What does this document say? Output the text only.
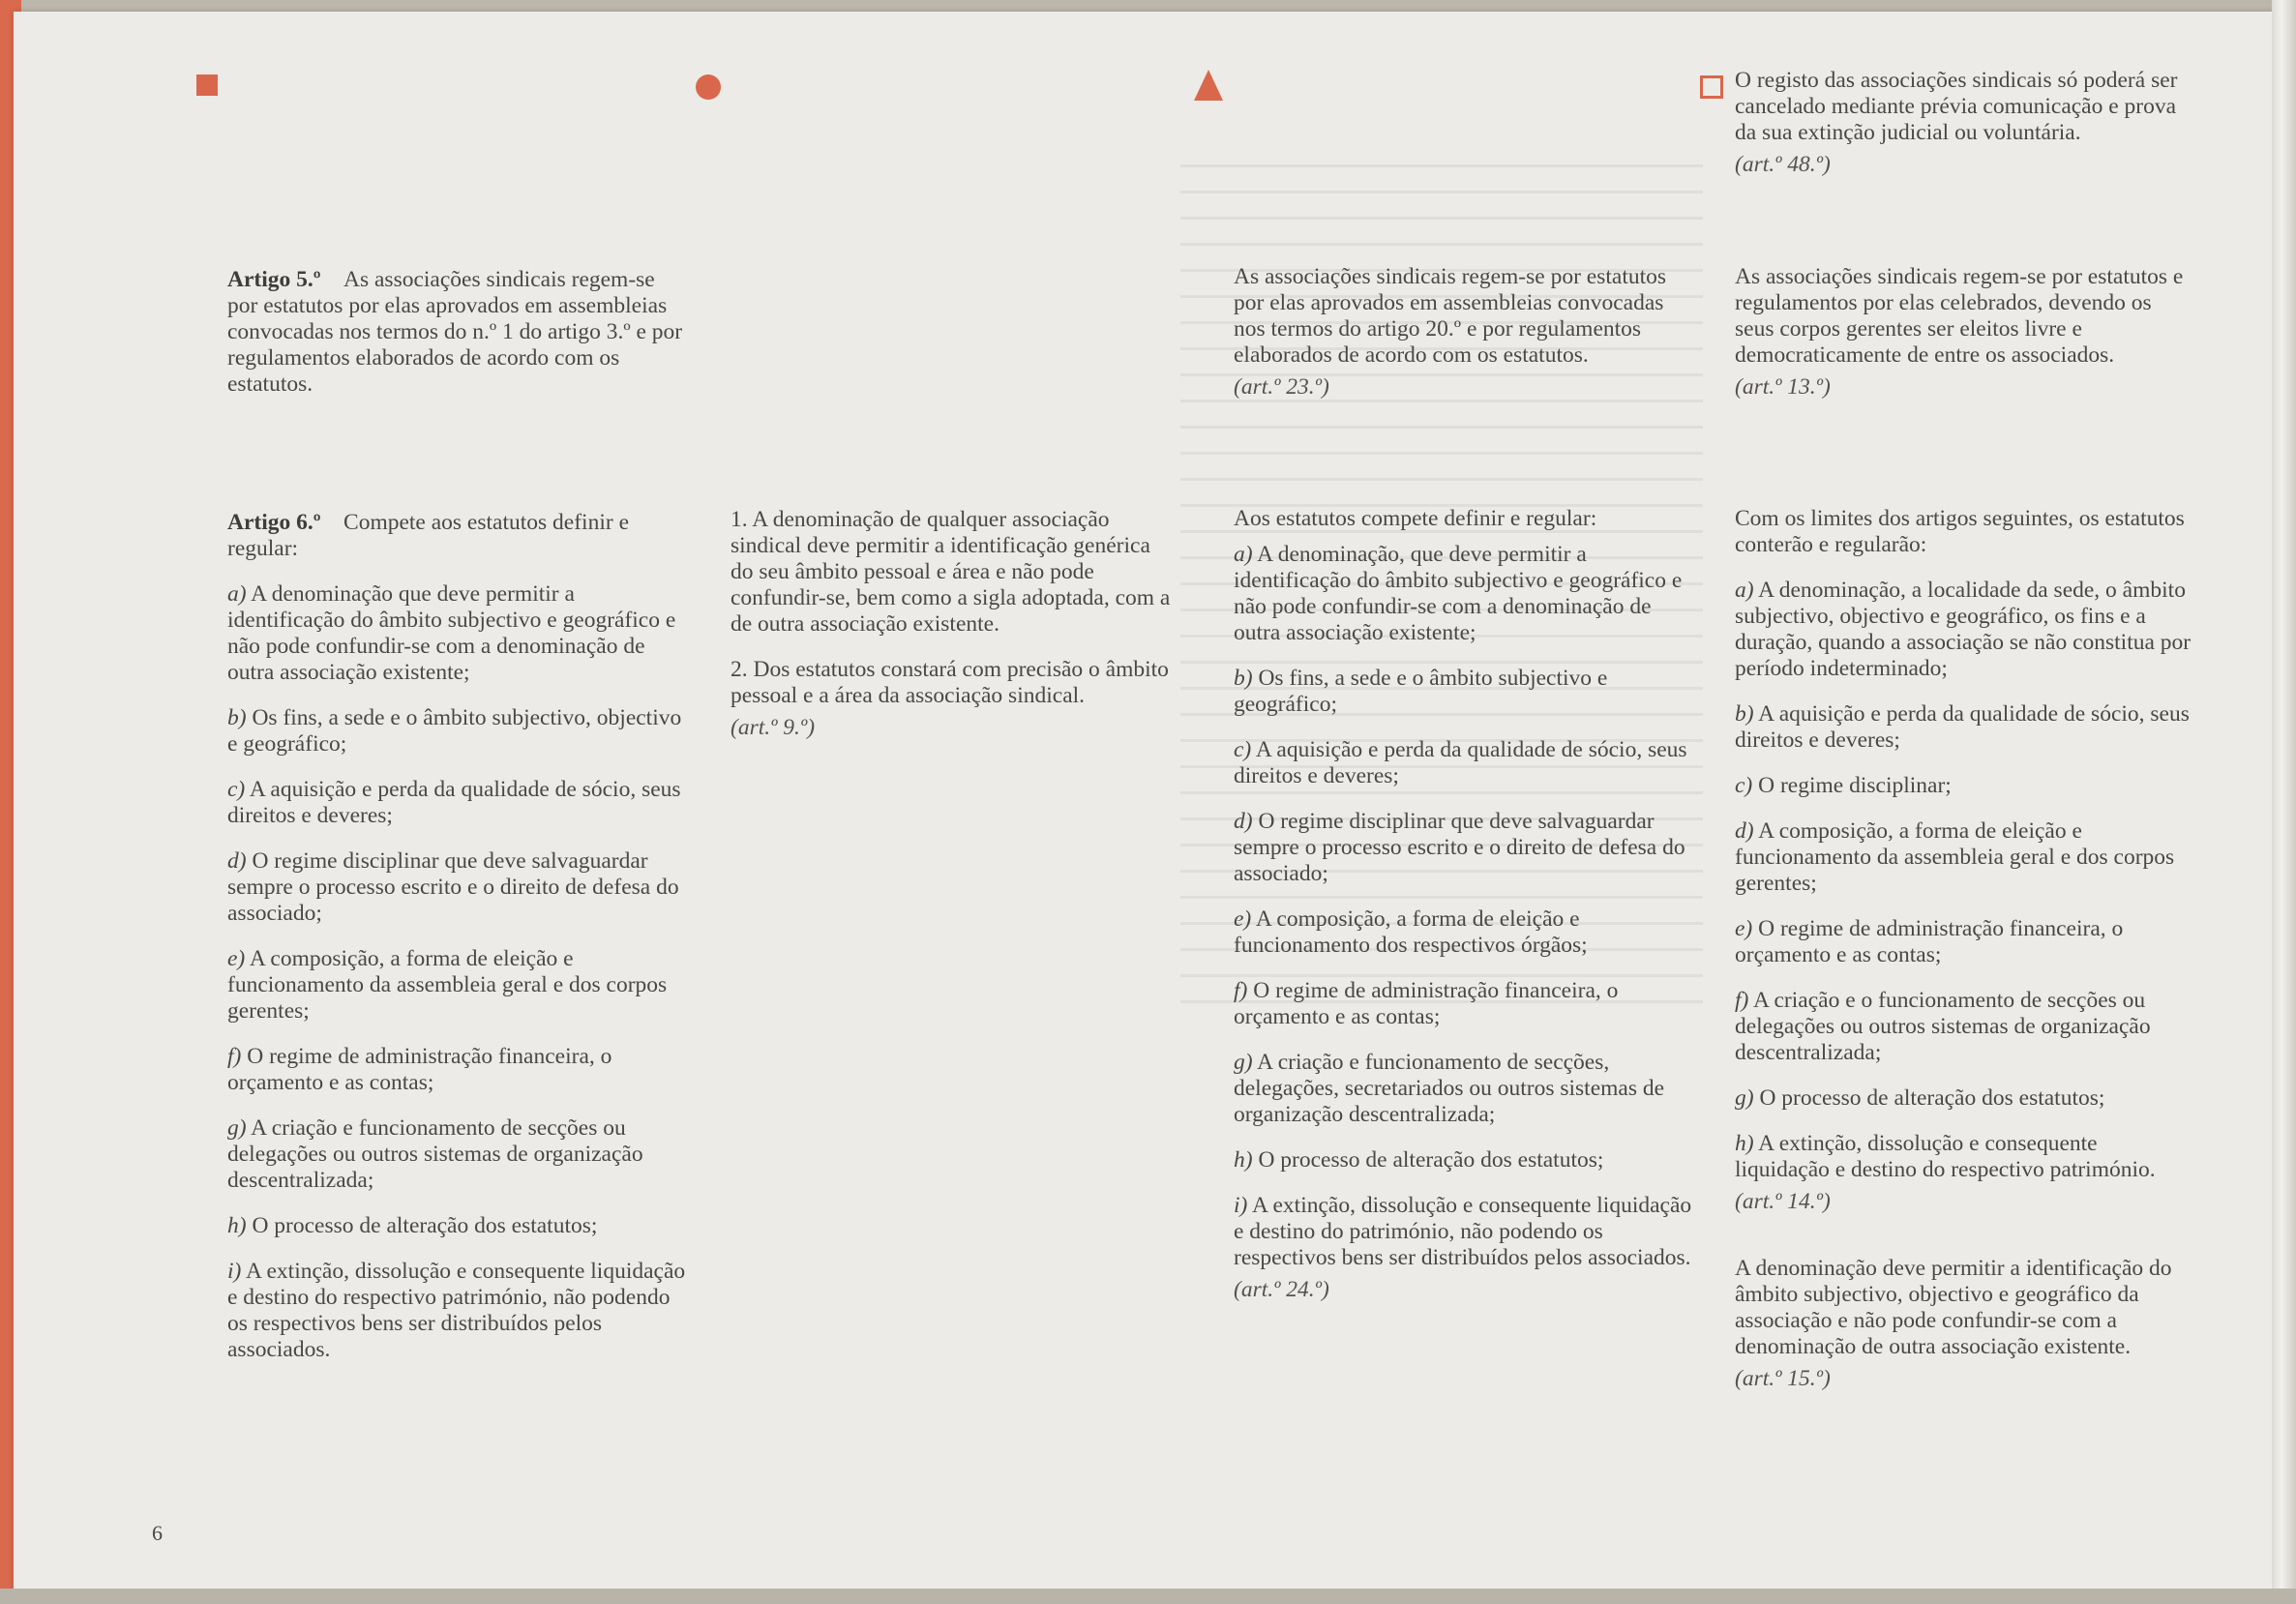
O registo das associações sindicais só poderá ser cancelado mediante prévia comunicação e prova da sua extinção judicial ou voluntária.
(art.º 48.º)

Artigo 5.º As associações sindicais regem-se por estatutos por elas aprovados em assembleias convocadas nos termos do n.º 1 do artigo 3.º e por regulamentos elaborados de acordo com os estatutos.

Artigo 6.º Compete aos estatutos definir e regular:

a) A denominação que deve permitir a identificação do âmbito subjectivo e geográfico e não pode confundir-se com a denominação de outra associação existente;

b) Os fins, a sede e o âmbito subjectivo, objectivo e geográfico;

c) A aquisição e perda da qualidade de sócio, seus direitos e deveres;

d) O regime disciplinar que deve salvaguardar sempre o processo escrito e o direito de defesa do associado;

e) A composição, a forma de eleição e funcionamento da assembleia geral e dos corpos gerentes;

f) O regime de administração financeira, o orçamento e as contas;

g) A criação e funcionamento de secções ou delegações ou outros sistemas de organização descentralizada;

h) O processo de alteração dos estatutos;

i) A extinção, dissolução e consequente liquidação e destino do respectivo património, não podendo os respectivos bens ser distribuídos pelos associados.

1. A denominação de qualquer associação sindical deve permitir a identificação genérica do seu âmbito pessoal e área e não pode confundir-se, bem como a sigla adoptada, com a de outra associação existente.

2. Dos estatutos constará com precisão o âmbito pessoal e a área da associação sindical.
(art.º 9.º)

As associações sindicais regem-se por estatutos por elas aprovados em assembleias convocadas nos termos do artigo 20.º e por regulamentos elaborados de acordo com os estatutos.
(art.º 23.º)

Aos estatutos compete definir e regular:

a) A denominação, que deve permitir a identificação do âmbito subjectivo e geográfico e não pode confundir-se com a denominação de outra associação existente;

b) Os fins, a sede e o âmbito subjectivo e geográfico;

c) A aquisição e perda da qualidade de sócio, seus direitos e deveres;

d) O regime disciplinar que deve salvaguardar sempre o processo escrito e o direito de defesa do associado;

e) A composição, a forma de eleição e funcionamento dos respectivos órgãos;

f) O regime de administração financeira, o orçamento e as contas;

g) A criação e funcionamento de secções, delegações, secretariados ou outros sistemas de organização descentralizada;

h) O processo de alteração dos estatutos;

i) A extinção, dissolução e consequente liquidação e destino do património, não podendo os respectivos bens ser distribuídos pelos associados.
(art.º 24.º)

As associações sindicais regem-se por estatutos e regulamentos por elas celebrados, devendo os seus corpos gerentes ser eleitos livre e democraticamente de entre os associados.
(art.º 13.º)

Com os limites dos artigos seguintes, os estatutos conterão e regularão:

a) A denominação, a localidade da sede, o âmbito subjectivo, objectivo e geográfico, os fins e a duração, quando a associação se não constitua por período indeterminado;

b) A aquisição e perda da qualidade de sócio, seus direitos e deveres;

c) O regime disciplinar;

d) A composição, a forma de eleição e funcionamento da assembleia geral e dos corpos gerentes;

e) O regime de administração financeira, o orçamento e as contas;

f) A criação e o funcionamento de secções ou delegações ou outros sistemas de organização descentralizada;

g) O processo de alteração dos estatutos;

h) A extinção, dissolução e consequente liquidação e destino do respectivo património.
(art.º 14.º)

A denominação deve permitir a identificação do âmbito subjectivo, objectivo e geográfico da associação e não pode confundir-se com a denominação de outra associação existente.
(art.º 15.º)

6
